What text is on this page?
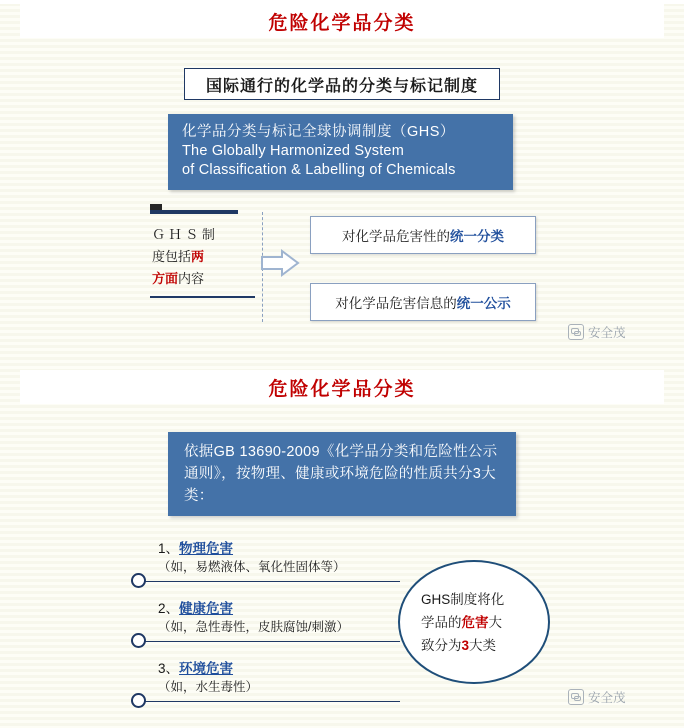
危险化学品分类
国际通行的化学品的分类与标记制度
化学品分类与标记全球协调制度（GHS）
The Globally Harmonized System
of Classification & Labelling of Chemicals
Ｇ Ｈ Ｓ 制
度包括两
方面内容
对化学品危害性的统一分类
对化学品危害信息的统一公示
安全茂
危险化学品分类
依据GB 13690-2009《化学品分类和危险性公示通则》，按物理、健康或环境危险的性质共分3大类：
1、物理危害
（如，易燃液体、氧化性固体等）
2、健康危害
（如，急性毒性，皮肤腐蚀/刺激）
3、环境危害
（如，水生毒性）
GHS制度将化
学品的危害大
致分为3大类
安全茂
